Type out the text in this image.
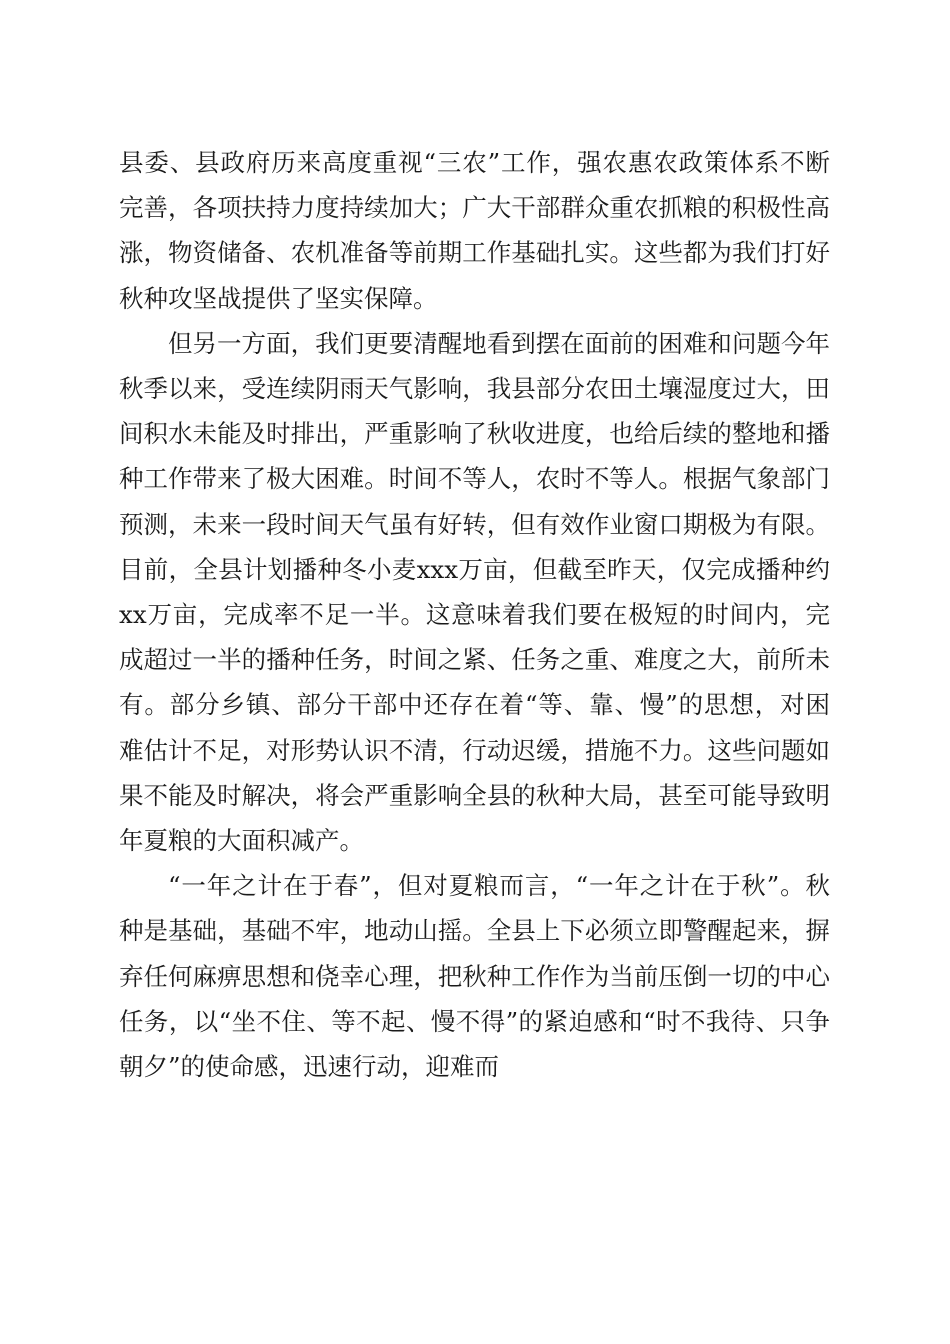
县委、县政府历来高度重视“三农”工作，强农惠农政策体系不断完善，各项扶持力度持续加大；广大干部群众重农抓粮的积极性高涨，物资储备、农机准备等前期工作基础扎实。这些都为我们打好秋种攻坚战提供了坚实保障。

但另一方面，我们更要清醒地看到摆在面前的困难和问题今年秋季以来，受连续阴雨天气影响，我县部分农田土壤湿度过大，田间积水未能及时排出，严重影响了秋收进度，也给后续的整地和播种工作带来了极大困难。时间不等人，农时不等人。根据气象部门预测，未来一段时间天气虽有好转，但有效作业窗口期极为有限。目前，全县计划播种冬小麦xxx万亩，但截至昨天，仅完成播种约xx万亩，完成率不足一半。这意味着我们要在极短的时间内，完成超过一半的播种任务，时间之紧、任务之重、难度之大，前所未有。部分乡镇、部分干部中还存在着“等、靠、慢”的思想，对困难估计不足，对形势认识不清，行动迟缓，措施不力。这些问题如果不能及时解决，将会严重影响全县的秋种大局，甚至可能导致明年夏粮的大面积减产。

“一年之计在于春”，但对夏粮而言，“一年之计在于秋”。秋种是基础，基础不牢，地动山摇。全县上下必须立即警醒起来，摒弃任何麻痹思想和侥幸心理，把秋种工作作为当前压倒一切的中心任务，以“坐不住、等不起、慢不得”的紧迫感和“时不我待、只争朝夕”的使命感，迅速行动，迎难而
